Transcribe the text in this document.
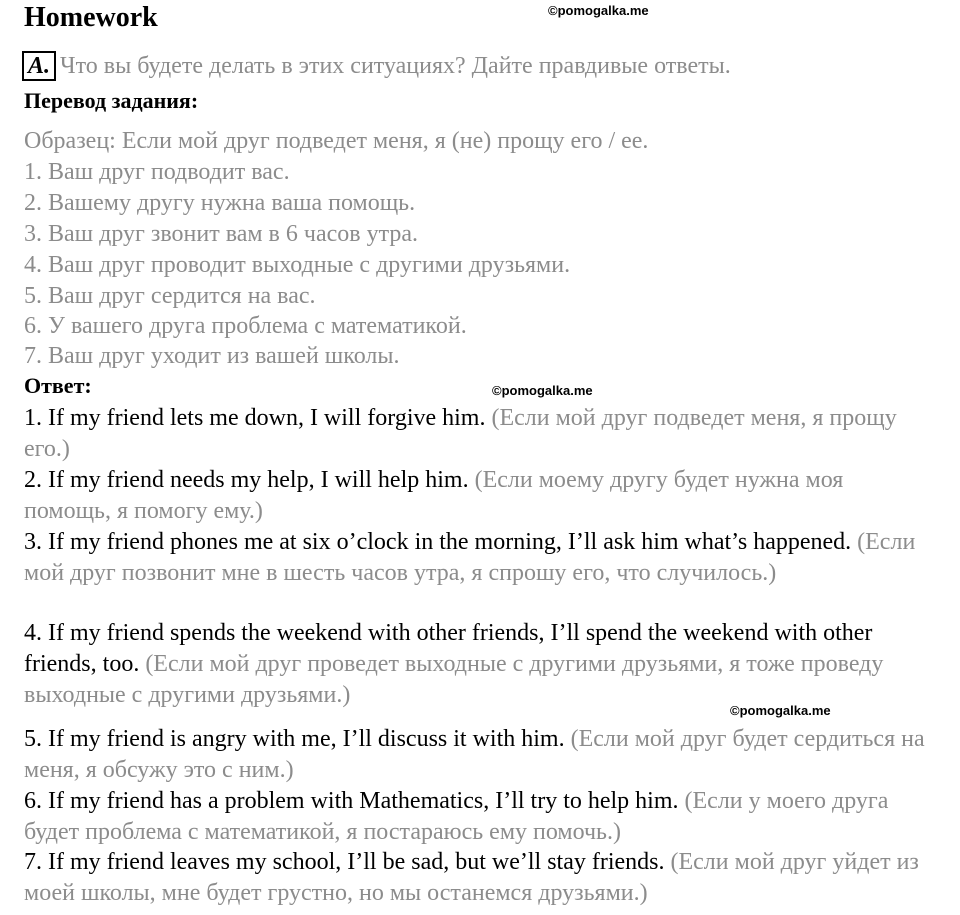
Homework	©pomogalka.me
A. Что вы будете делать в этих ситуациях? Дайте правдивые ответы.
Перевод задания:
Образец: Если мой друг подведет меня, я (не) прощу его / ее.
1. Ваш друг подводит вас.
2. Вашему другу нужна ваша помощь.
3. Ваш друг звонит вам в 6 часов утра.
4. Ваш друг проводит выходные с другими друзьями.
5. Ваш друг сердится на вас.
6. У вашего друга проблема с математикой.
7. Ваш друг уходит из вашей школы.
Ответ:	©pomogalka.me
1. If my friend lets me down, I will forgive him. (Если мой друг подведет меня, я прощу его.)
2. If my friend needs my help, I will help him. (Если моему другу будет нужна моя помощь, я помогу ему.)
3. If my friend phones me at six o’clock in the morning, I’ll ask him what’s happened. (Если мой друг позвонит мне в шесть часов утра, я спрошу его, что случилось.)
4. If my friend spends the weekend with other friends, I’ll spend the weekend with other friends, too. (Если мой друг проведет выходные с другими друзьями, я тоже проведу выходные с другими друзьями.)
©pomogalka.me
5. If my friend is angry with me, I’ll discuss it with him. (Если мой друг будет сердиться на меня, я обсужу это с ним.)
6. If my friend has a problem with Mathematics, I’ll try to help him. (Если у моего друга будет проблема с математикой, я постараюсь ему помочь.)
7. If my friend leaves my school, I’ll be sad, but we’ll stay friends. (Если мой друг уйдет из моей школы, мне будет грустно, но мы останемся друзьями.)
